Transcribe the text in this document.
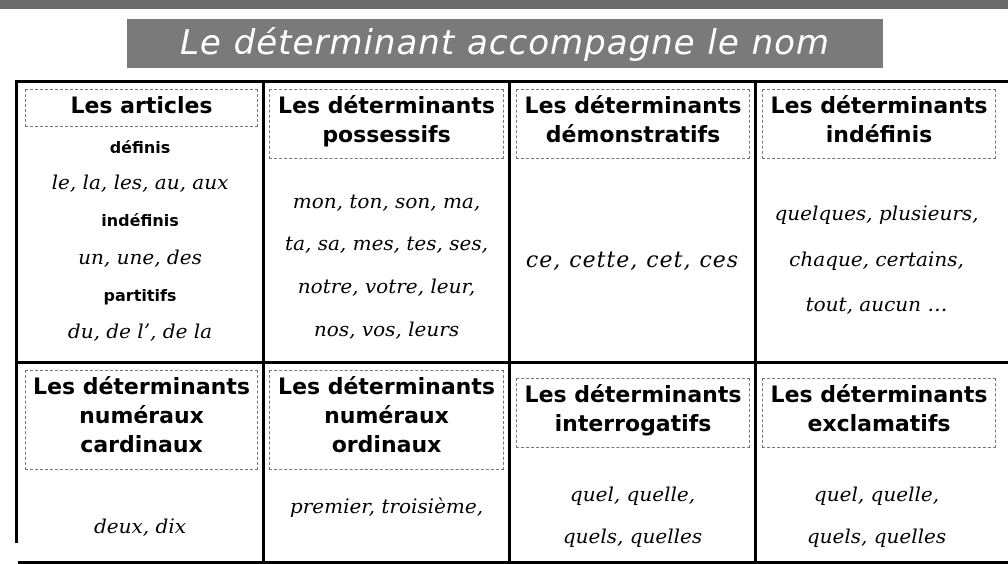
Le déterminant accompagne le nom
Les articles
définis
le, la, les, au, aux
indéfinis
un, une, des
partitifs
du, de l’, de la
Les déterminants
possessifs
mon, ton, son, ma,
ta, sa, mes, tes, ses,
notre, votre, leur,
nos, vos, leurs
Les déterminants
démonstratifs
ce, cette, cet, ces
Les déterminants
indéfinis
quelques, plusieurs,
chaque, certains,
tout, aucun …
Les déterminants
numéraux
cardinaux
deux, dix
Les déterminants
numéraux
ordinaux
premier, troisième,
Les déterminants
interrogatifs
quel, quelle,
quels, quelles
Les déterminants
exclamatifs
quel, quelle,
quels, quelles
